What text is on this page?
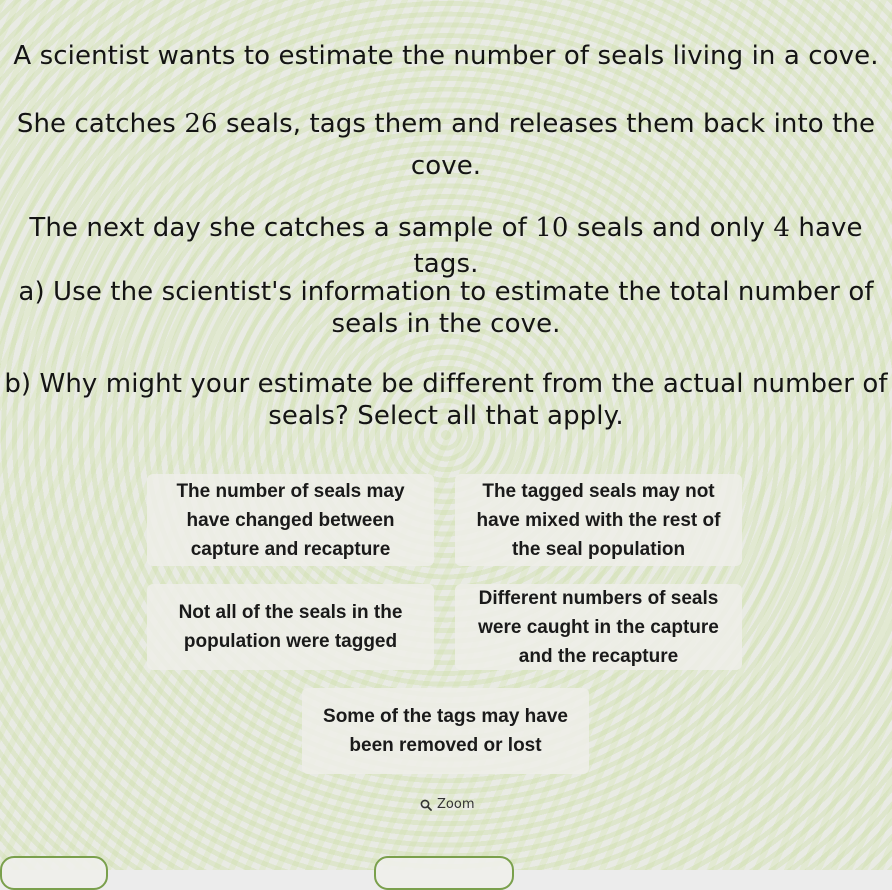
A scientist wants to estimate the number of seals living in a cove.
She catches 26 seals, tags them and releases them back into the
cove.
The next day she catches a sample of 10 seals and only 4 have tags.
a) Use the scientist's information to estimate the total number of
seals in the cove.
b) Why might your estimate be different from the actual number of
seals? Select all that apply.
The number of seals may
have changed between
capture and recapture
The tagged seals may not
have mixed with the rest of
the seal population
Not all of the seals in the
population were tagged
Different numbers of seals
were caught in the capture
and the recapture
Some of the tags may have
been removed or lost
Zoom
